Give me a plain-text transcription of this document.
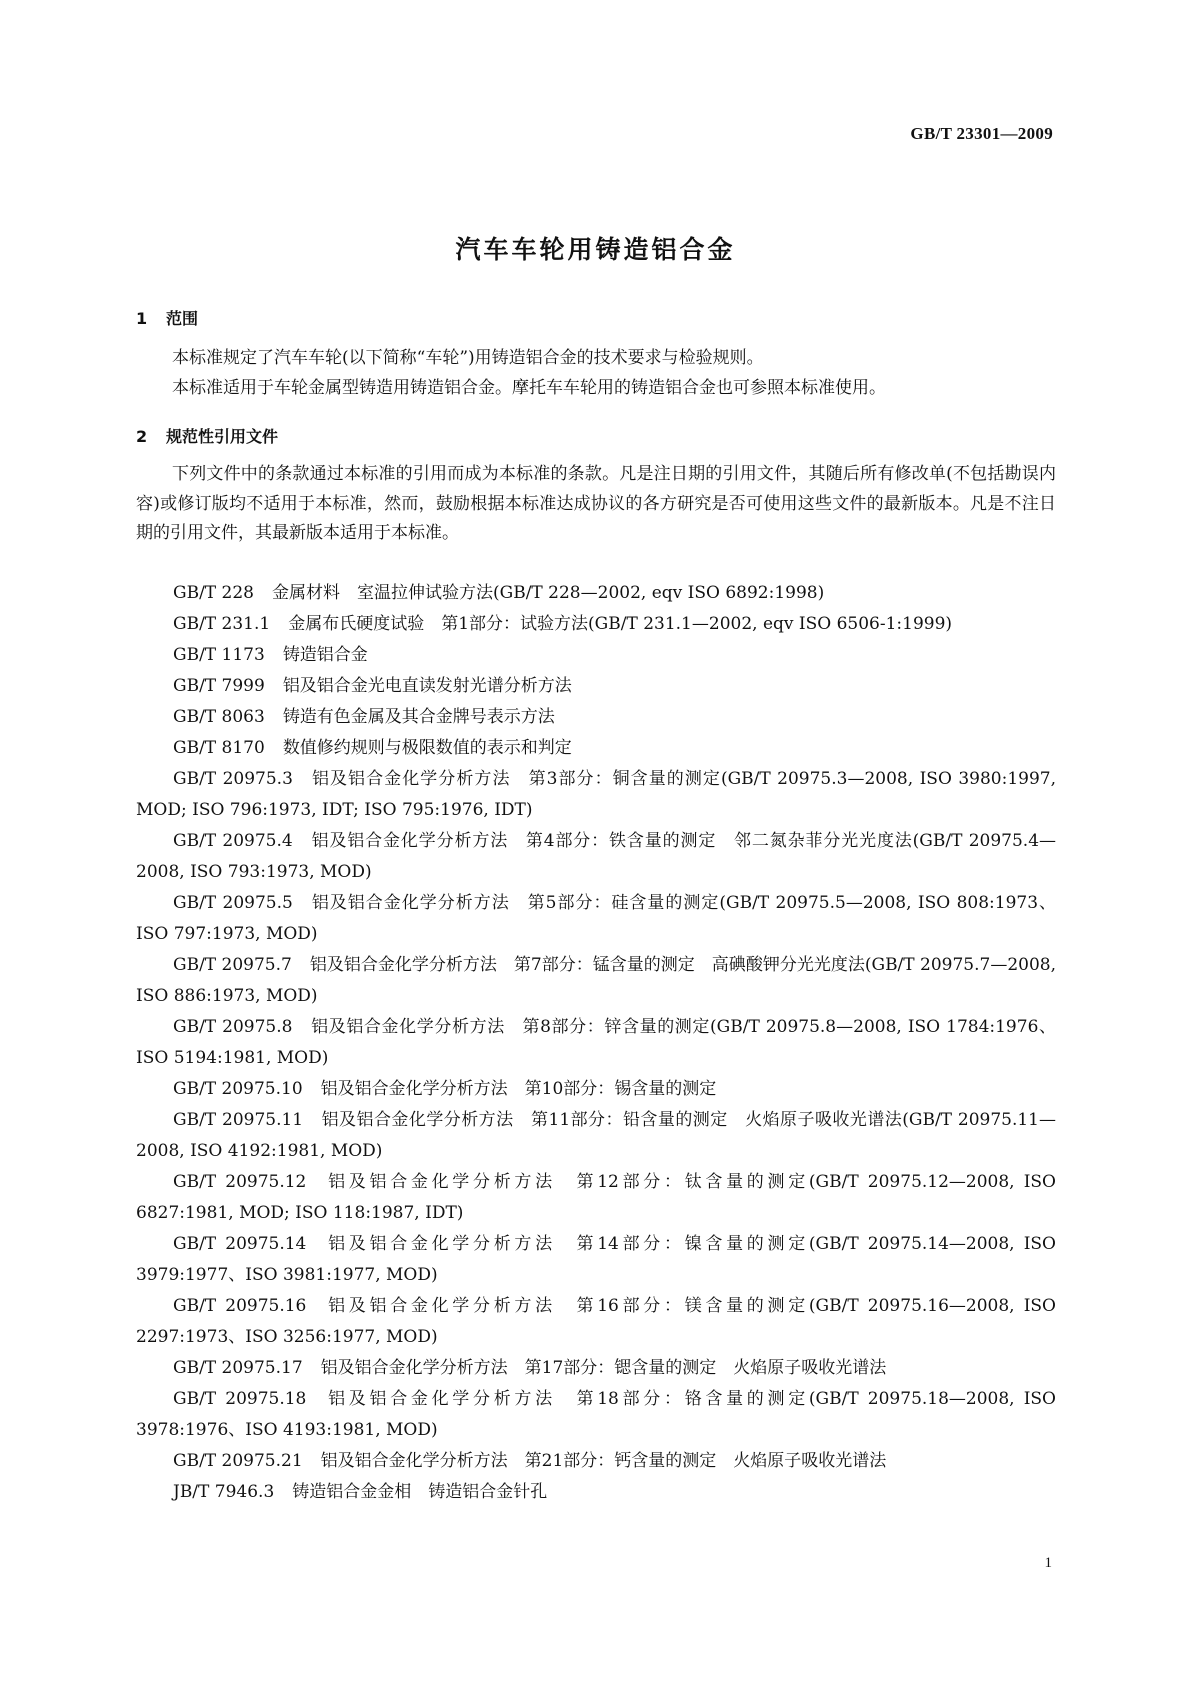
GB/T 23301—2009
汽车车轮用铸造铝合金
1 范围

本标准规定了汽车车轮(以下简称“车轮”)用铸造铝合金的技术要求与检验规则。

本标准适用于车轮金属型铸造用铸造铝合金。摩托车车轮用的铸造铝合金也可参照本标准使用。

2 规范性引用文件

下列文件中的条款通过本标准的引用而成为本标准的条款。凡是注日期的引用文件，其随后所有修改单(不包括勘误内容)或修订版均不适用于本标准，然而，鼓励根据本标准达成协议的各方研究是否可使用这些文件的最新版本。凡是不注日期的引用文件，其最新版本适用于本标准。

GB/T 228 金属材料　室温拉伸试验方法(GB/T 228—2002, eqv ISO 6892:1998)
GB/T 231.1 金属布氏硬度试验　第1部分：试验方法(GB/T 231.1—2002, eqv ISO 6506-1:1999)
GB/T 1173 铸造铝合金
GB/T 7999 铝及铝合金光电直读发射光谱分析方法
GB/T 8063 铸造有色金属及其合金牌号表示方法
GB/T 8170 数值修约规则与极限数值的表示和判定
GB/T 20975.3 铝及铝合金化学分析方法　第3部分：铜含量的测定(GB/T 20975.3—2008, ISO 3980:1997, MOD; ISO 796:1973, IDT; ISO 795:1976, IDT)
GB/T 20975.4 铝及铝合金化学分析方法　第4部分：铁含量的测定　邻二氮杂菲分光光度法(GB/T 20975.4—2008, ISO 793:1973, MOD)
GB/T 20975.5 铝及铝合金化学分析方法　第5部分：硅含量的测定(GB/T 20975.5—2008, ISO 808:1973、ISO 797:1973, MOD)
GB/T 20975.7 铝及铝合金化学分析方法　第7部分：锰含量的测定　高碘酸钾分光光度法(GB/T 20975.7—2008, ISO 886:1973, MOD)
GB/T 20975.8 铝及铝合金化学分析方法　第8部分：锌含量的测定(GB/T 20975.8—2008, ISO 1784:1976、ISO 5194:1981, MOD)
GB/T 20975.10 铝及铝合金化学分析方法　第10部分：锡含量的测定
GB/T 20975.11 铝及铝合金化学分析方法　第11部分：铅含量的测定　火焰原子吸收光谱法(GB/T 20975.11—2008, ISO 4192:1981, MOD)
GB/T 20975.12 铝及铝合金化学分析方法　第12部分：钛含量的测定(GB/T 20975.12—2008, ISO 6827:1981, MOD; ISO 118:1987, IDT)
GB/T 20975.14 铝及铝合金化学分析方法　第14部分：镍含量的测定(GB/T 20975.14—2008, ISO 3979:1977、ISO 3981:1977, MOD)
GB/T 20975.16 铝及铝合金化学分析方法　第16部分：镁含量的测定(GB/T 20975.16—2008, ISO 2297:1973、ISO 3256:1977, MOD)
GB/T 20975.17 铝及铝合金化学分析方法　第17部分：锶含量的测定　火焰原子吸收光谱法
GB/T 20975.18 铝及铝合金化学分析方法　第18部分：铬含量的测定(GB/T 20975.18—2008, ISO 3978:1976、ISO 4193:1981, MOD)
GB/T 20975.21 铝及铝合金化学分析方法　第21部分：钙含量的测定　火焰原子吸收光谱法
JB/T 7946.3 铸造铝合金金相　铸造铝合金针孔
1
